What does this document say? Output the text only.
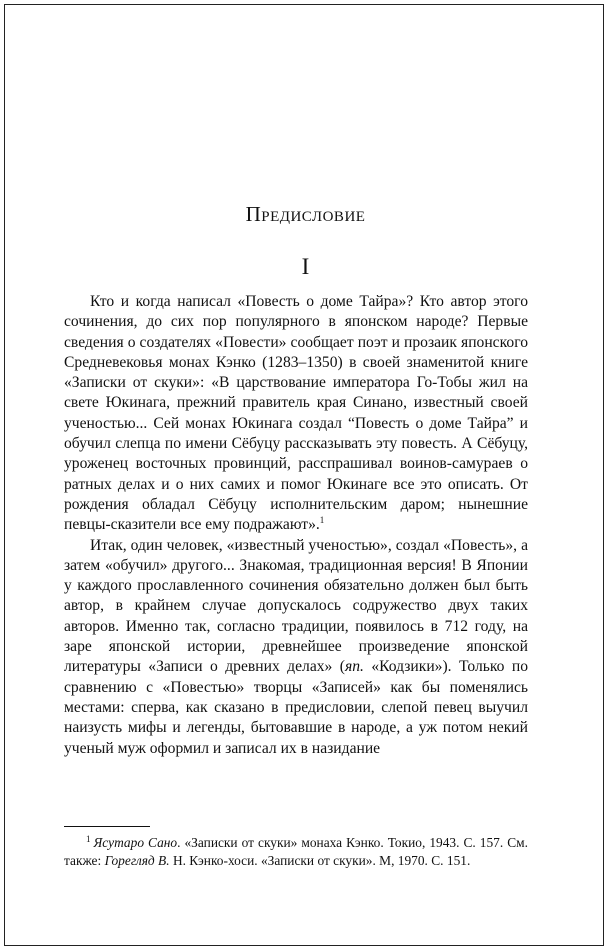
Предисловие
I

Кто и когда написал «Повесть о доме Тайра»? Кто автор этого сочинения, до сих пор популярного в японском народе? Первые сведения о создателях «Повести» сообщает поэт и прозаик японского Средневековья монах Кэнко (1283–1350) в своей знаменитой книге «Записки от скуки»: «В царствование императора Го-Тобы жил на свете Юкинага, прежний правитель края Синано, известный своей ученостью... Сей монах Юкинага создал “Повесть о доме Тайра” и обучил слепца по имени Сёбуцу рассказывать эту повесть. А Сёбуцу, уроженец восточных провинций, расспрашивал воинов-самураев о ратных делах и о них самих и помог Юкинаге все это описать. От рождения обладал Сёбуцу исполнительским даром; нынешние певцы-сказители все ему подражают».$^1$

Итак, один человек, «известный ученостью», создал «Повесть», а затем «обучил» другого... Знакомая, традиционная версия! В Японии у каждого прославленного сочинения обязательно должен был быть автор, в крайнем случае допускалось содружество двух таких авторов. Именно так, согласно традиции, появилось в 712 году, на заре японской истории, древнейшее произведение японской литературы «Записи о древних делах» (яп. «Кодзики»). Только по сравнению с «Повестью» творцы «Записей» как бы поменялись местами: сперва, как сказано в предисловии, слепой певец выучил наизусть мифы и легенды, бытовавшие в народе, а уж потом некий ученый муж оформил и записал их в назидание

$^1$ Ясутаро Сано. «Записки от скуки» монаха Кэнко. Токио, 1943. С. 157. См. также: Горегляд В. Н. Кэнко-хоси. «Записки от скуки». М, 1970. С. 151.
